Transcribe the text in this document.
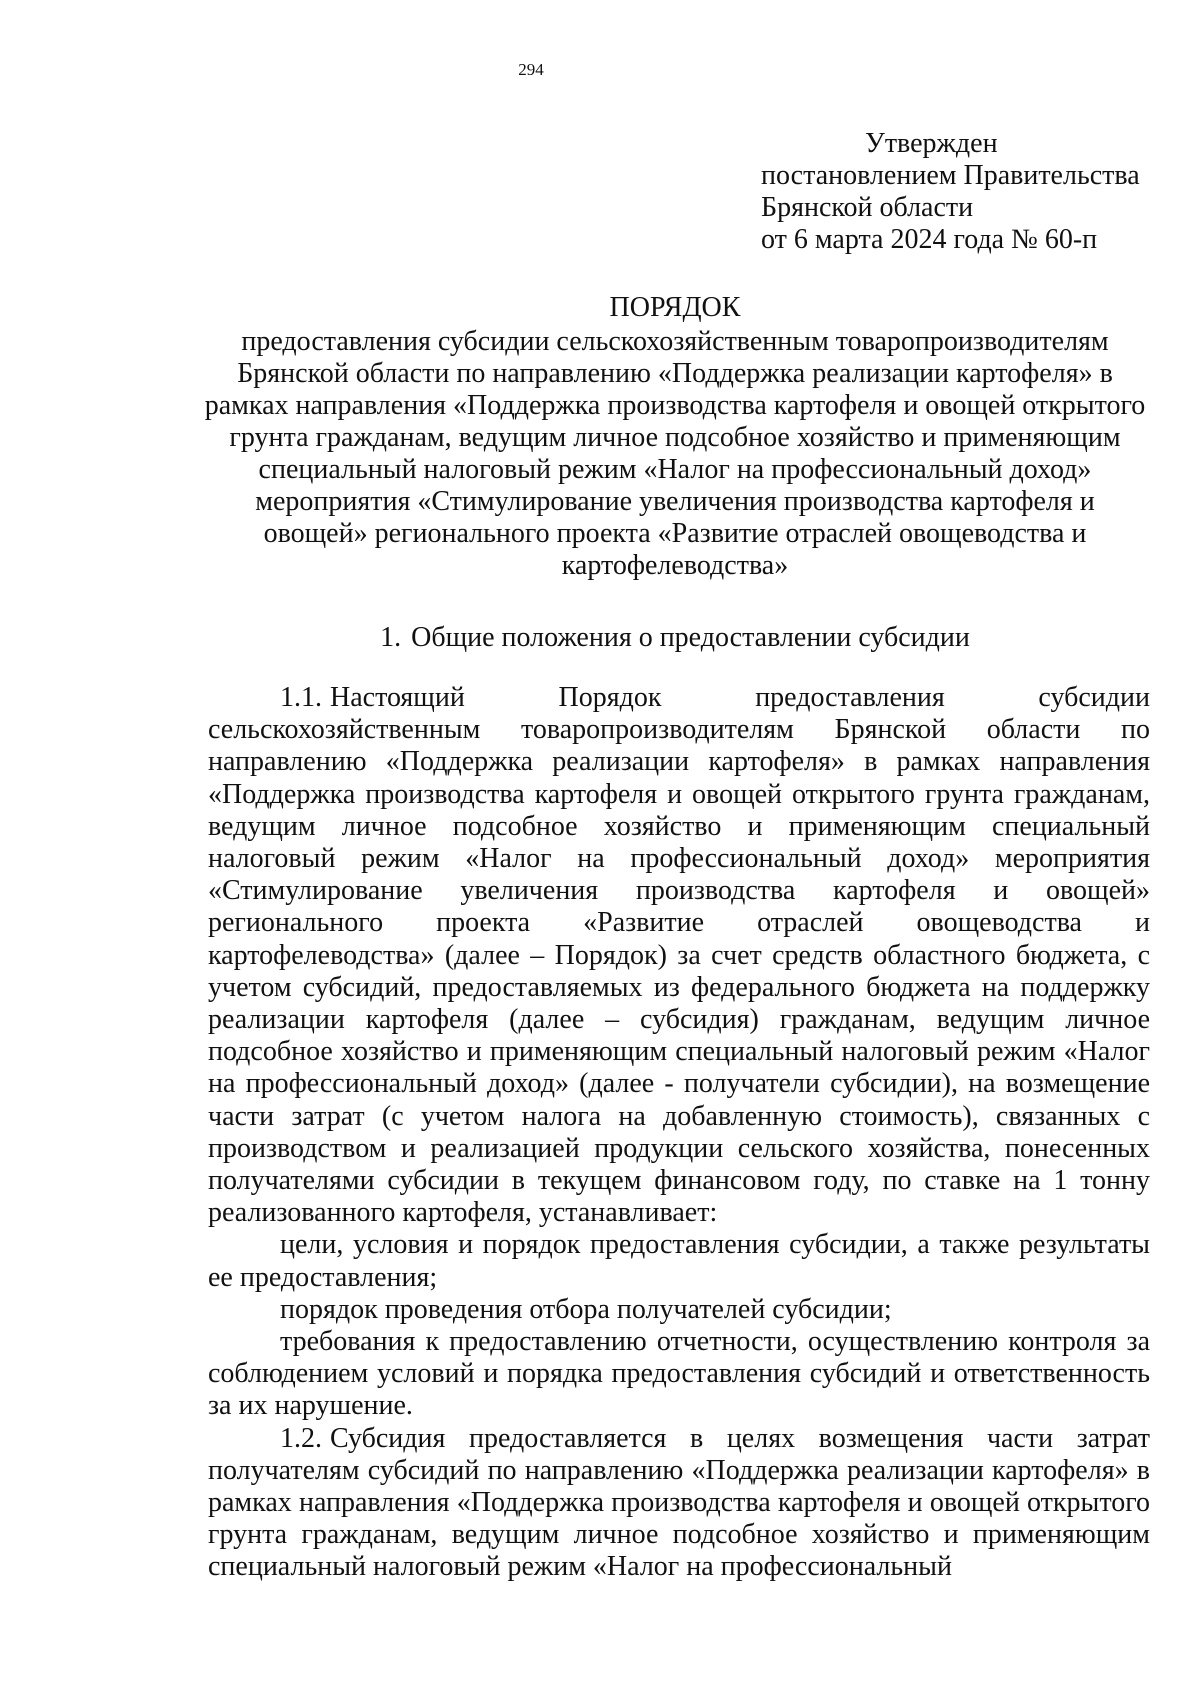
294
Утвержден
постановлением Правительства
Брянской области
от 6 марта 2024 года № 60-п
ПОРЯДОК
предоставления субсидии сельскохозяйственным товаропроизводителям Брянской области по направлению «Поддержка реализации картофеля» в рамках направления «Поддержка производства картофеля и овощей открытого грунта гражданам, ведущим личное подсобное хозяйство и применяющим специальный налоговый режим «Налог на профессиональный доход» мероприятия «Стимулирование увеличения производства картофеля и овощей» регионального проекта «Развитие отраслей овощеводства и картофелеводства»
1. Общие положения о предоставлении субсидии

1.1. Настоящий Порядок предоставления субсидии сельскохозяйственным товаропроизводителям Брянской области по направлению «Поддержка реализации картофеля» в рамках направления «Поддержка производства картофеля и овощей открытого грунта гражданам, ведущим личное подсобное хозяйство и применяющим специальный налоговый режим «Налог на профессиональный доход» мероприятия «Стимулирование увеличения производства картофеля и овощей» регионального проекта «Развитие отраслей овощеводства и картофелеводства» (далее – Порядок) за счет средств областного бюджета, с учетом субсидий, предоставляемых из федерального бюджета на поддержку реализации картофеля (далее – субсидия) гражданам, ведущим личное подсобное хозяйство и применяющим специальный налоговый режим «Налог на профессиональный доход» (далее - получатели субсидии), на возмещение части затрат (с учетом налога на добавленную стоимость), связанных с производством и реализацией продукции сельского хозяйства, понесенных получателями субсидии в текущем финансовом году, по ставке на 1 тонну реализованного картофеля, устанавливает:

цели, условия и порядок предоставления субсидии, а также результаты ее предоставления;

порядок проведения отбора получателей субсидии;

требования к предоставлению отчетности, осуществлению контроля за соблюдением условий и порядка предоставления субсидий и ответственность за их нарушение.

1.2. Субсидия предоставляется в целях возмещения части затрат получателям субсидий по направлению «Поддержка реализации картофеля» в рамках направления «Поддержка производства картофеля и овощей открытого грунта гражданам, ведущим личное подсобное хозяйство и применяющим специальный налоговый режим «Налог на профессиональный
